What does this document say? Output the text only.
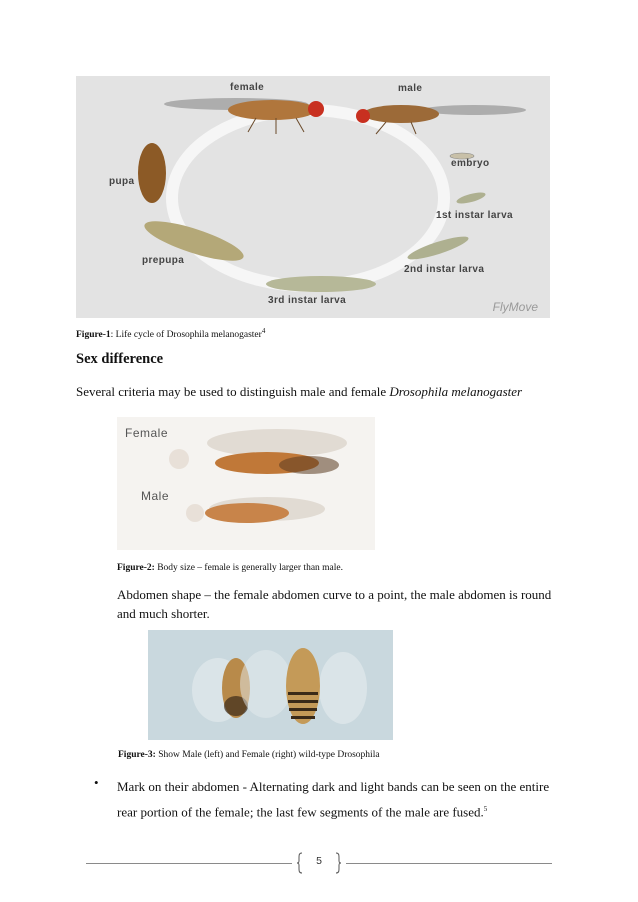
female	male
embryo
1st instar larva
2nd instar larva
3rd instar larva
prepupa
pupa
FlyMove
Figure-1: Life cycle of Drosophila melanogaster$^4$
Sex difference
Several criteria may be used to distinguish male and female Drosophila melanogaster
Female
Male
Figure-2: Body size – female is generally larger than male.
Abdomen shape – the female abdomen curve to a point, the male abdomen is round and much shorter.
Figure-3: Show Male (left) and Female (right) wild-type Drosophila
• Mark on their abdomen - Alternating dark and light bands can be seen on the entire rear portion of the female; the last few segments of the male are fused.$^5$
5
